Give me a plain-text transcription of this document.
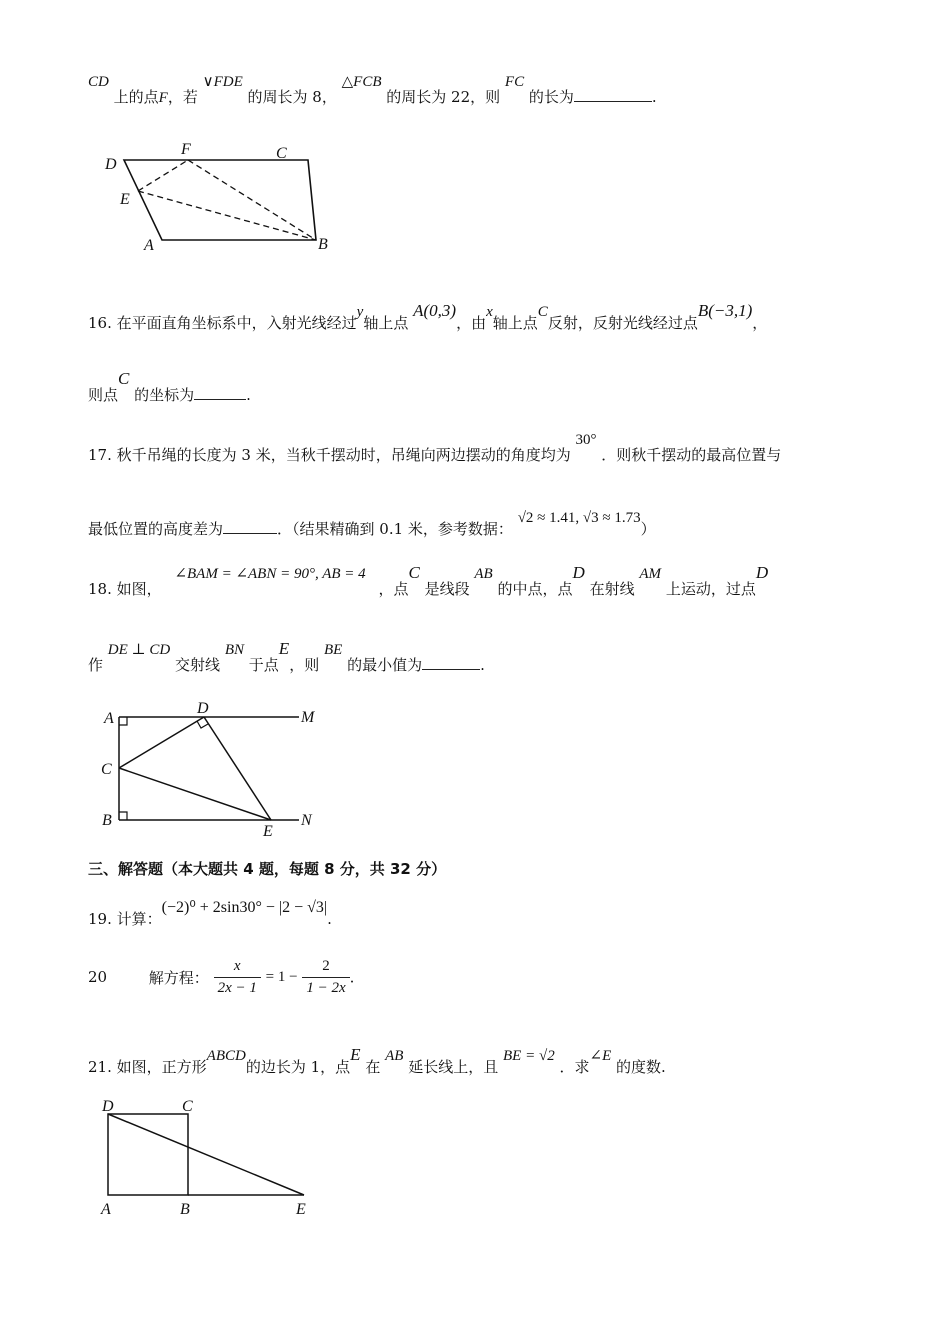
CD 上的点F，若 ∨FDE 的周长为 8， △FCB 的周长为 22，则 FC 的长为	.
D
F	C
E
A	B
16. 在平面直角坐标系中，入射光线经过y轴上点 A(0,3)，由x轴上点C反射，反射光线经过点B(−3,1)，
则点C 的坐标为	.
17. 秋千吊绳的长度为 3 米，当秋千摆动时，吊绳向两边摆动的角度均为 30° ．则秋千摆动的最高位置与
最低位置的高度差为	．（结果精确到 0.1 米，参考数据： √2 ≈ 1.41, √3 ≈ 1.73）
18. 如图， ∠BAM = ∠ABN = 90°, AB = 4 ，点C 是线段 AB 的中点，点D 在射线 AM 上运动，过点D
作 DE ⊥ CD 交射线 BN 于点E，则 BE 的最小值为	.
A
D
M
C
B
E
N
三、解答题（本大题共 4 题，每题 8 分，共 32 分）
19. 计算：(−2)⁰ + 2sin30° − |2 − √3|.
20	解方程： $\frac{x}{2x - 1} = 1 - \frac{2}{1 - 2x}$ .
21. 如图，正方形ABCD的边长为 1，点E 在 AB 延长线上，且 BE = √2 ．求∠E 的度数.
D	C
A	B	E
